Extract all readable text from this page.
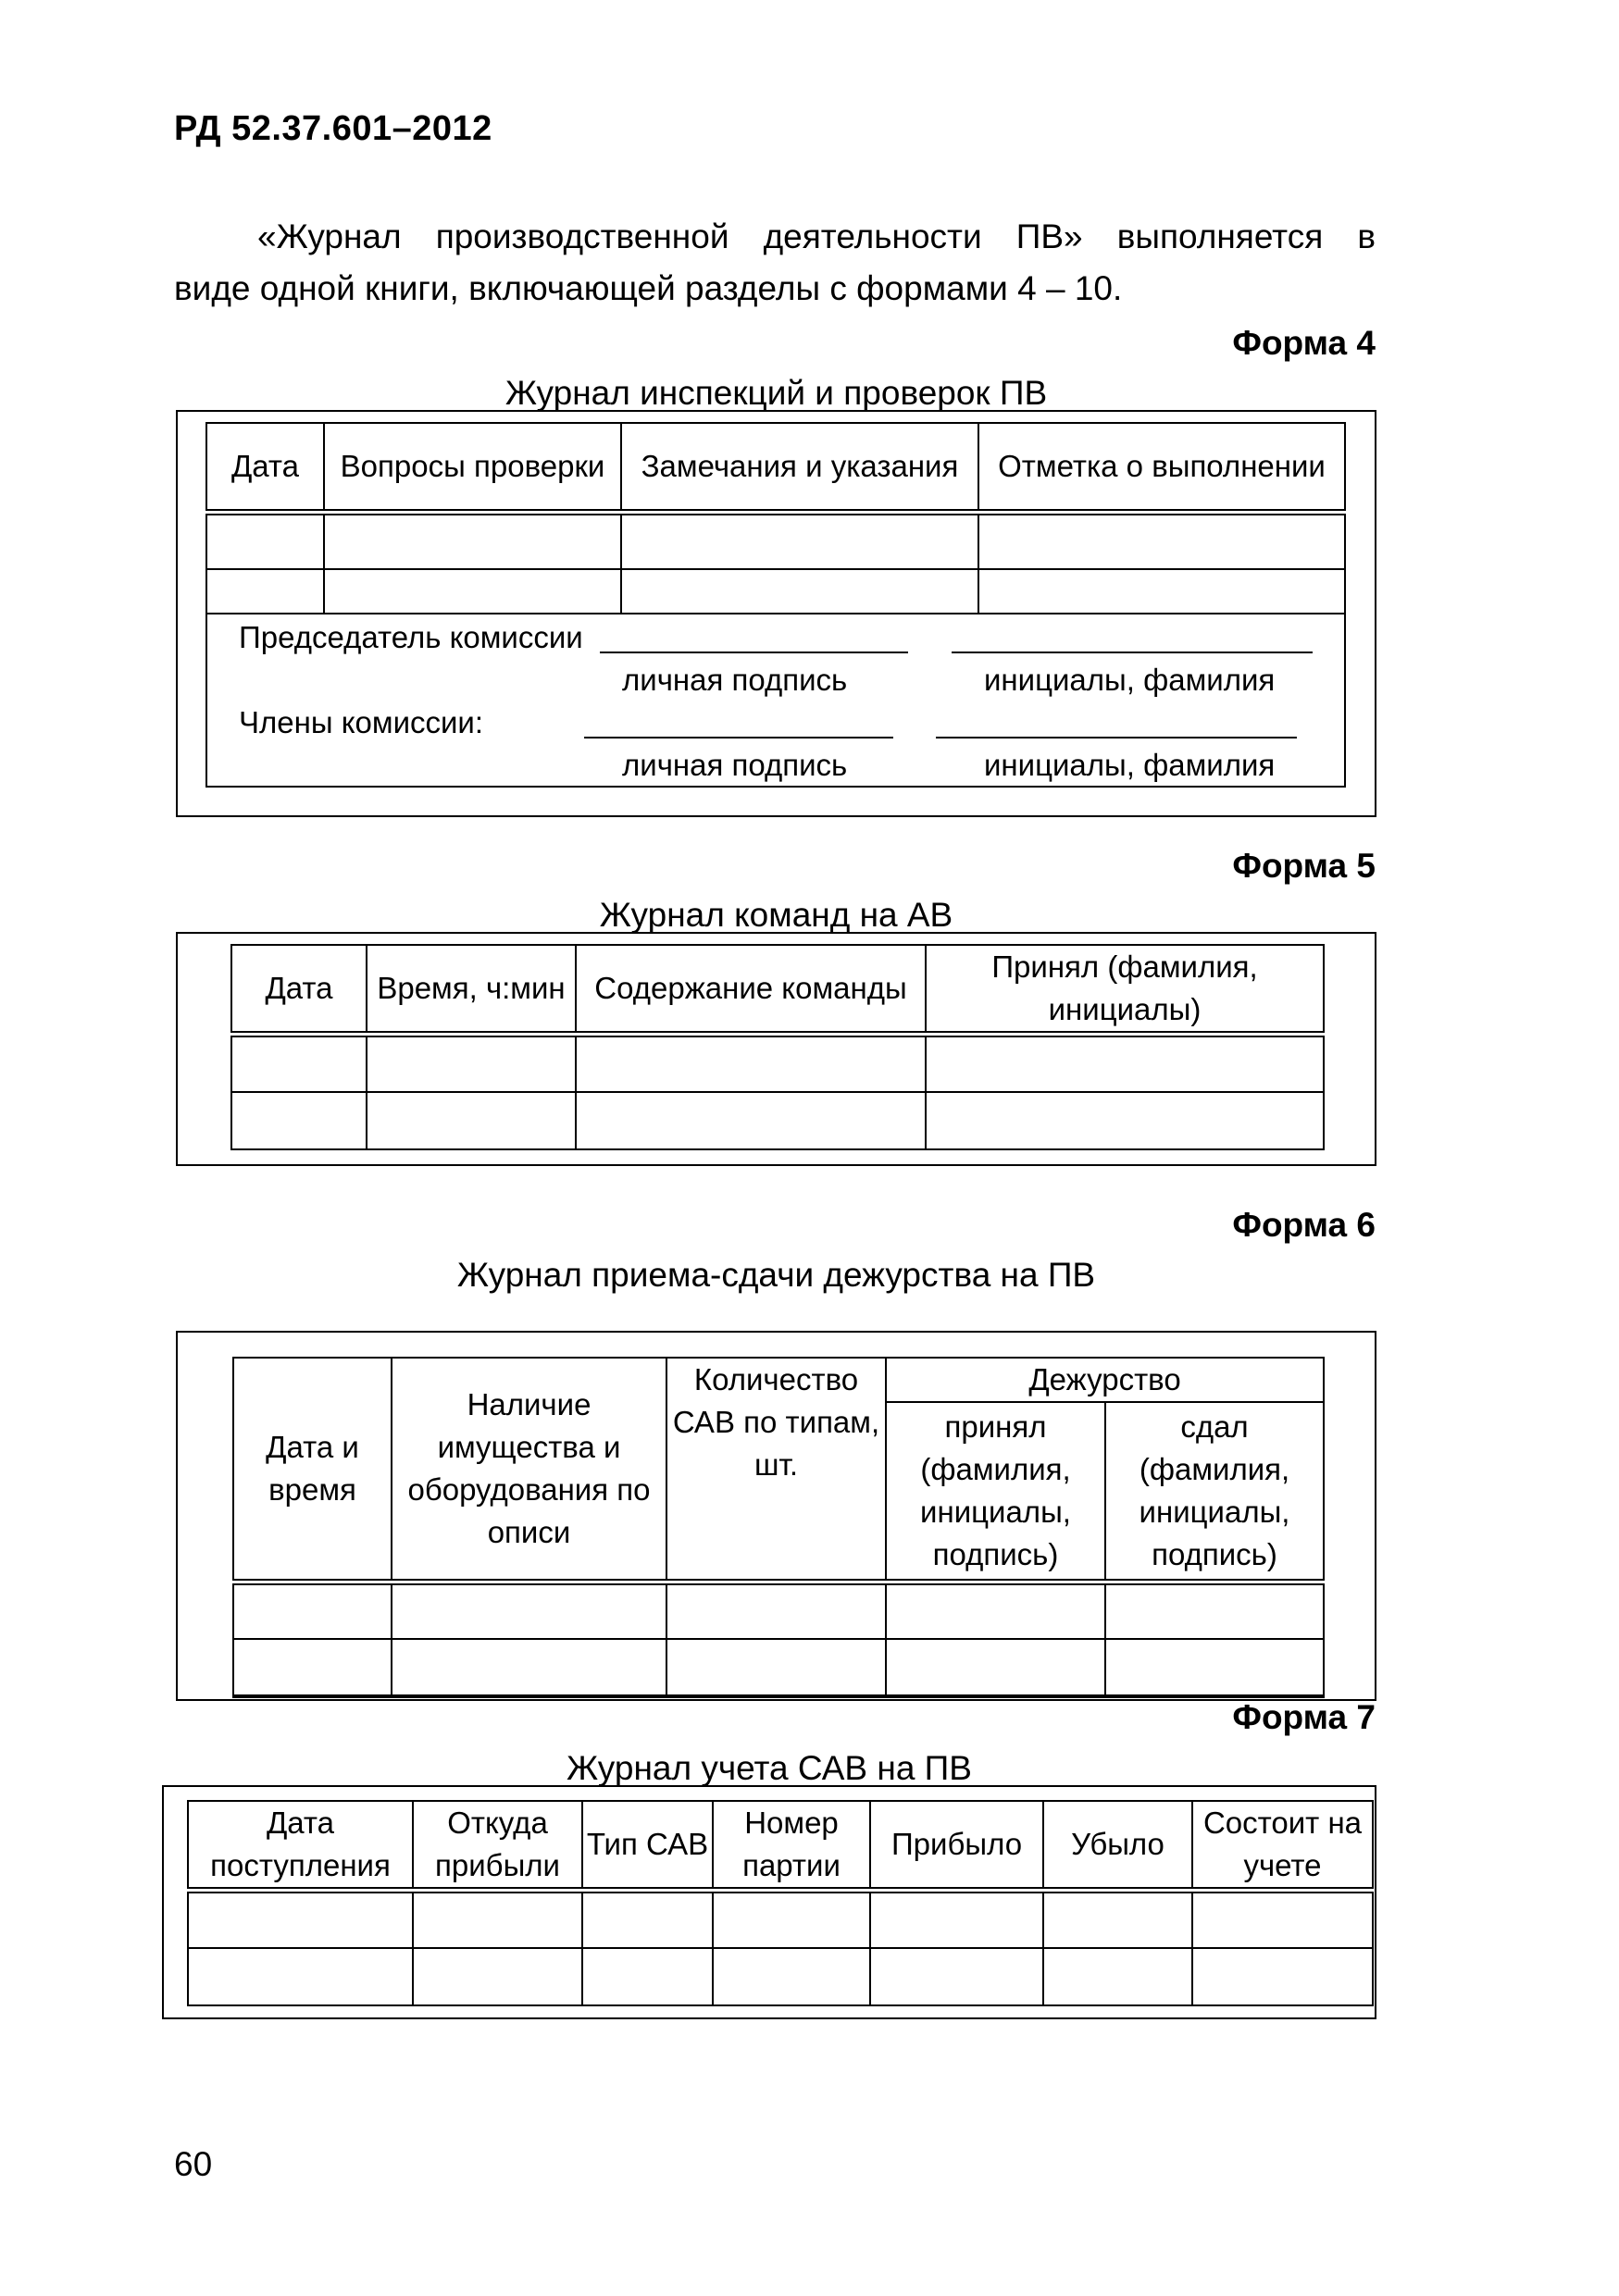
РД 52.37.601–2012
«Журнал производственной деятельности ПВ» выполняется в
виде одной книги, включающей разделы с формами 4 – 10.
Форма 4
Журнал инспекций и проверок ПВ
Дата	Вопросы проверки	Замечания и указания	Отметка о выполнении

Председатель комиссии
личная подпись	инициалы, фамилия
Члены комиссии:
личная подпись	инициалы, фамилия
Форма 5
Журнал команд на АВ
Дата	Время, ч:мин	Содержание команды	Принял (фамилия, инициалы)

Форма 6
Журнал приема-сдачи дежурства на ПВ
Дата и время	Наличие имущества и оборудования по описи	Количество САВ по типам, шт.	Дежурство	
			принял (фамилия, инициалы, подпись)	сдал (фамилия, инициалы, подпись)

Форма 7
Журнал учета САВ на ПВ
Дата поступления	Откуда прибыли	Тип САВ	Номер партии	Прибыло	Убыло	Состоит на учете

60
